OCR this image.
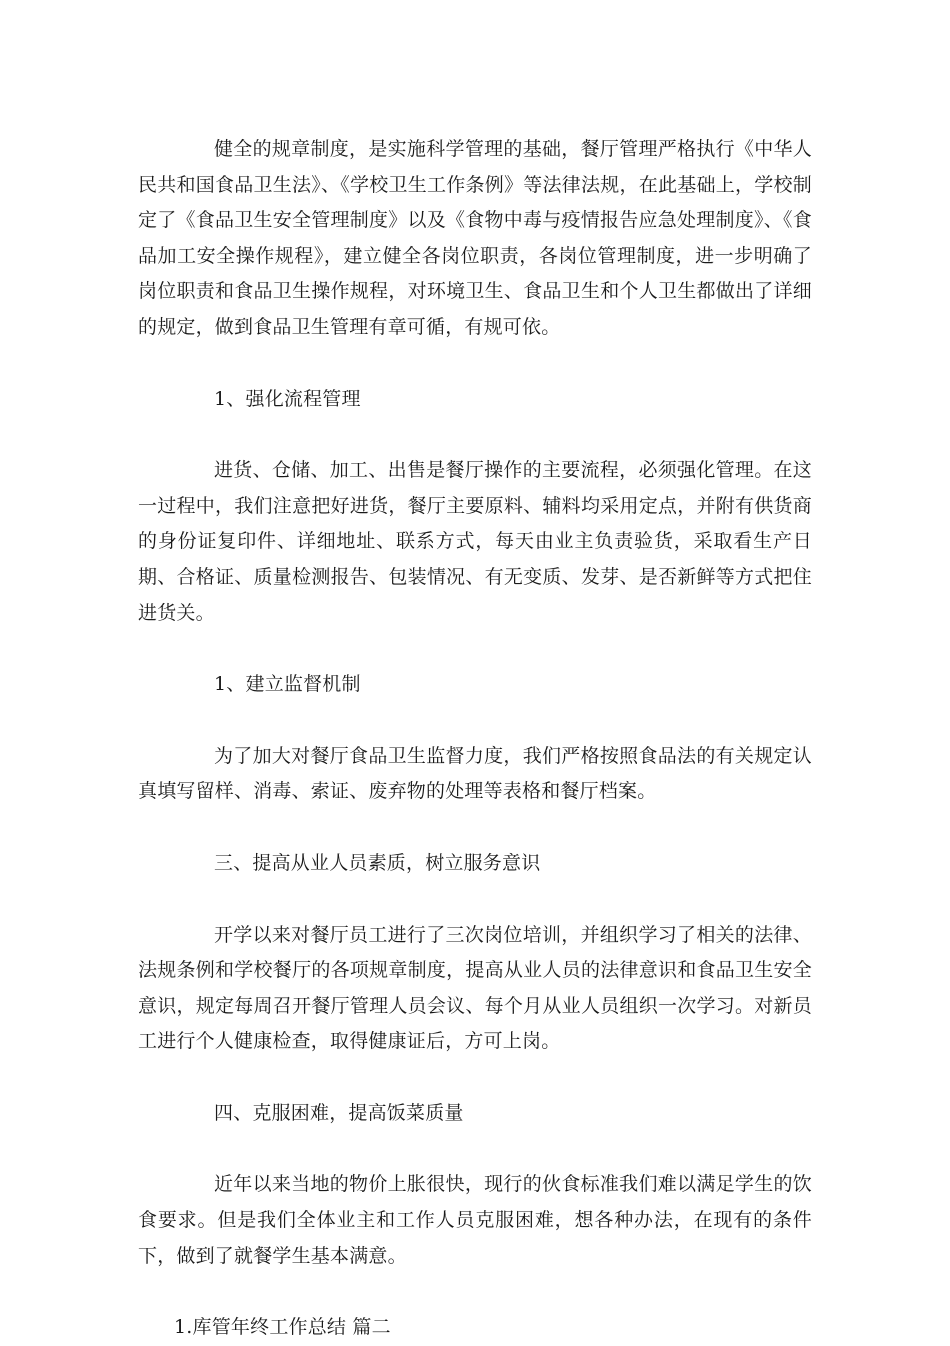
健全的规章制度，是实施科学管理的基础，餐厅管理严格执行《中华人民共和国食品卫生法》、《学校卫生工作条例》等法律法规，在此基础上，学校制定了《食品卫生安全管理制度》以及《食物中毒与疫情报告应急处理制度》、《食品加工安全操作规程》，建立健全各岗位职责，各岗位管理制度，进一步明确了岗位职责和食品卫生操作规程，对环境卫生、食品卫生和个人卫生都做出了详细的规定，做到食品卫生管理有章可循，有规可依。

1、强化流程管理

进货、仓储、加工、出售是餐厅操作的主要流程，必须强化管理。在这一过程中，我们注意把好进货，餐厅主要原料、辅料均采用定点，并附有供货商的身份证复印件、详细地址、联系方式，每天由业主负责验货，采取看生产日期、合格证、质量检测报告、包装情况、有无变质、发芽、是否新鲜等方式把住进货关。

1、建立监督机制

为了加大对餐厅食品卫生监督力度，我们严格按照食品法的有关规定认真填写留样、消毒、索证、废弃物的处理等表格和餐厅档案。

三、提高从业人员素质，树立服务意识

开学以来对餐厅员工进行了三次岗位培训，并组织学习了相关的法律、法规条例和学校餐厅的各项规章制度，提高从业人员的法律意识和食品卫生安全意识，规定每周召开餐厅管理人员会议、每个月从业人员组织一次学习。对新员工进行个人健康检查，取得健康证后，方可上岗。

四、克服困难，提高饭菜质量

近年以来当地的物价上胀很快，现行的伙食标准我们难以满足学生的饮食要求。但是我们全体业主和工作人员克服困难，想各种办法，在现有的条件下，做到了就餐学生基本满意。

1.库管年终工作总结 篇二
